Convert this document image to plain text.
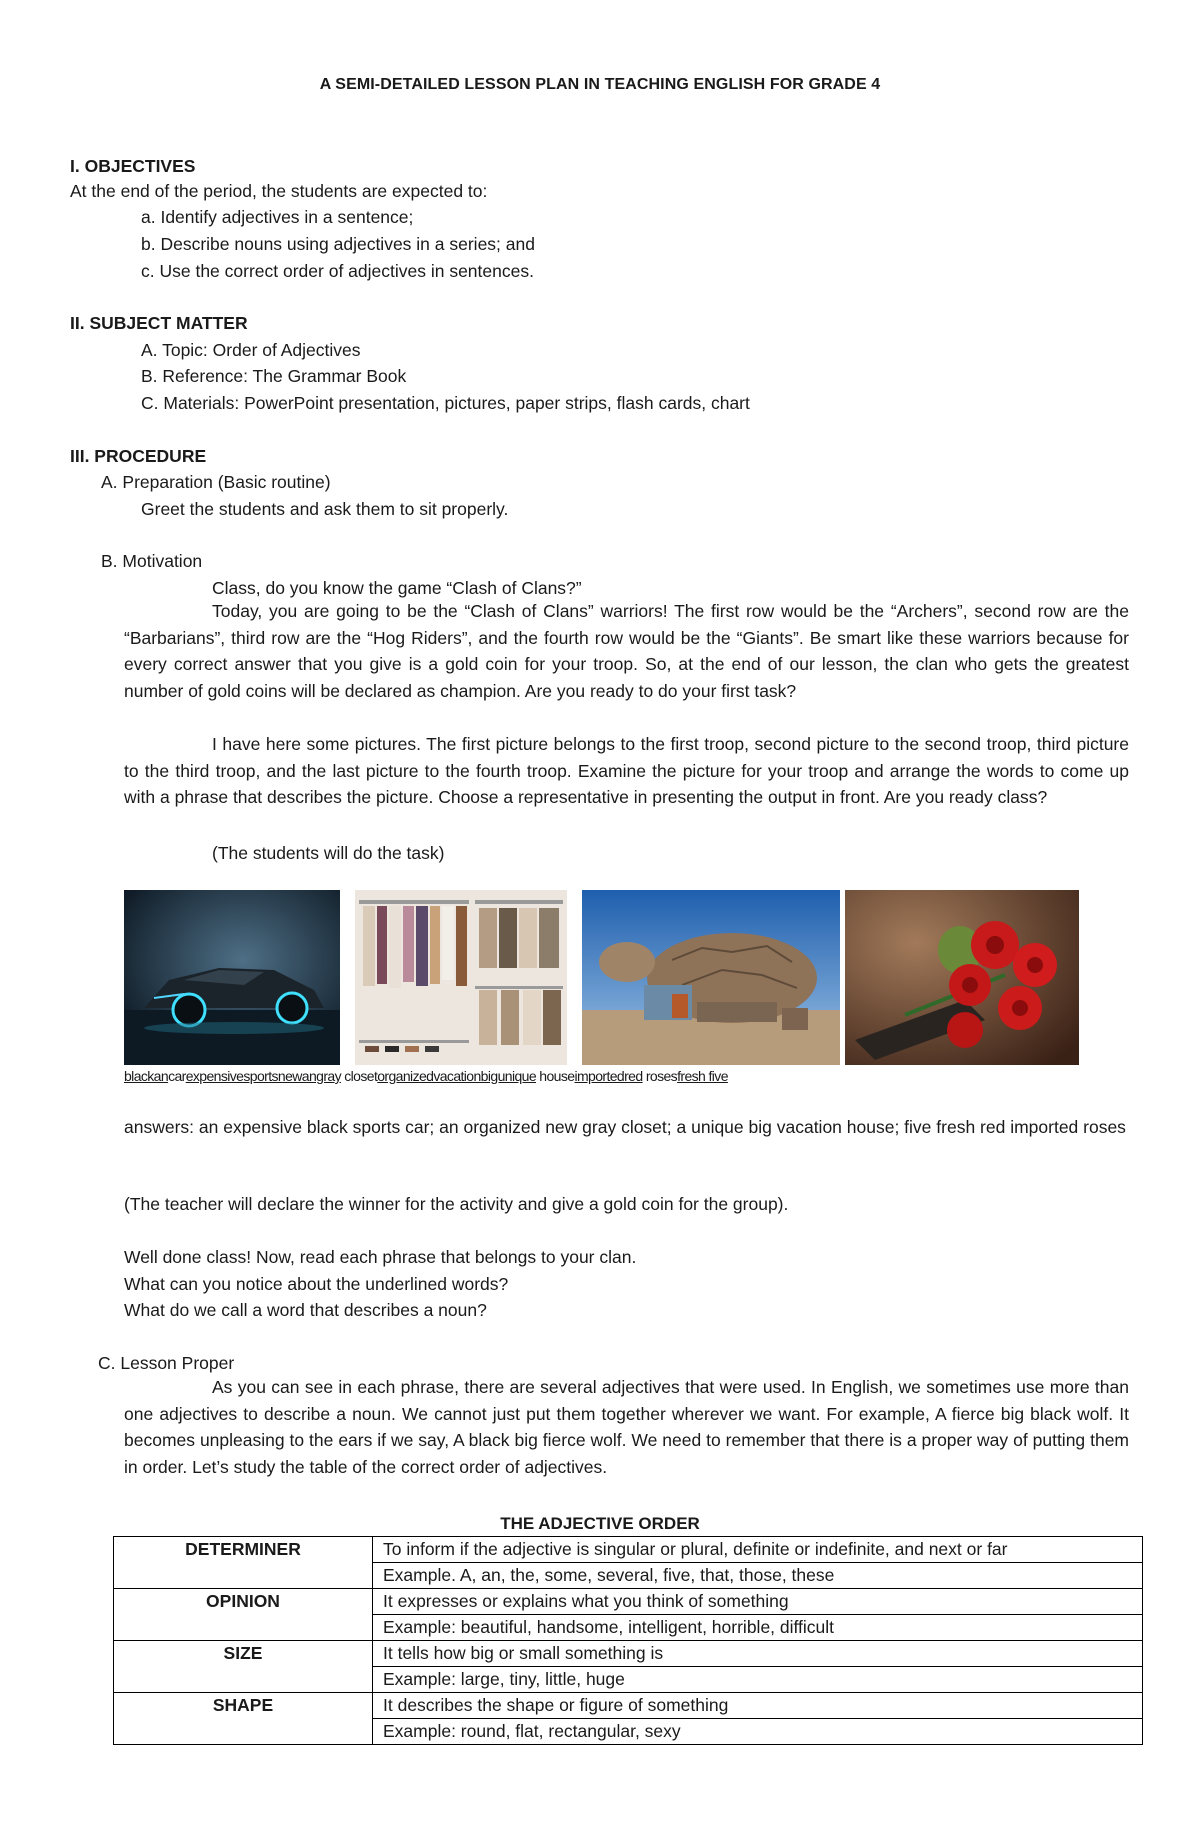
A SEMI-DETAILED LESSON PLAN IN TEACHING ENGLISH FOR GRADE 4
I. OBJECTIVES
At the end of the period, the students are expected to:
a. Identify adjectives in a sentence;
b. Describe nouns using adjectives in a series; and
c. Use the correct order of adjectives in sentences.
II. SUBJECT MATTER
A. Topic: Order of Adjectives
B. Reference: The Grammar Book
C. Materials: PowerPoint presentation, pictures, paper strips, flash cards, chart
III. PROCEDURE
A. Preparation (Basic routine)
Greet the students and ask them to sit properly.
B. Motivation
Class, do you know the game “Clash of Clans?”
Today, you are going to be the “Clash of Clans” warriors! The first row would be the “Archers”, second row are the “Barbarians”, third row are the “Hog Riders”, and the fourth row would be the “Giants”. Be smart like these warriors because for every correct answer that you give is a gold coin for your troop. So, at the end of our lesson, the clan who gets the greatest number of gold coins will be declared as champion. Are you ready to do your first task?
I have here some pictures. The first picture belongs to the first troop, second picture to the second troop, third picture to the third troop, and the last picture to the fourth troop. Examine the picture for your troop and arrange the words to come up with a phrase that describes the picture. Choose a representative in presenting the output in front. Are you ready class?
(The students will do the task)
blackancarexpensivesportsnewangray closetorganizedvacationbigunique houseimportedred rosesfresh five
answers: an expensive black sports car; an organized new gray closet; a unique big vacation house; five fresh red imported roses
(The teacher will declare the winner for the activity and give a gold coin for the group).
Well done class! Now, read each phrase that belongs to your clan.
What can you notice about the underlined words?
What do we call a word that describes a noun?
C. Lesson Proper
As you can see in each phrase, there are several adjectives that were used. In English, we sometimes use more than one adjectives to describe a noun. We cannot just put them together wherever we want. For example, A fierce big black wolf. It becomes unpleasing to the ears if we say, A black big fierce wolf. We need to remember that there is a proper way of putting them in order. Let’s study the table of the correct order of adjectives.
THE ADJECTIVE ORDER
DETERMINER	To inform if the adjective is singular or plural, definite or indefinite, and next or far
	Example. A, an, the, some, several, five, that, those, these
OPINION	It expresses or explains what you think of something
	Example: beautiful, handsome, intelligent, horrible, difficult
SIZE	It tells how big or small something is
	Example: large, tiny, little, huge
SHAPE	It describes the shape or figure of something
	Example: round, flat, rectangular, sexy
